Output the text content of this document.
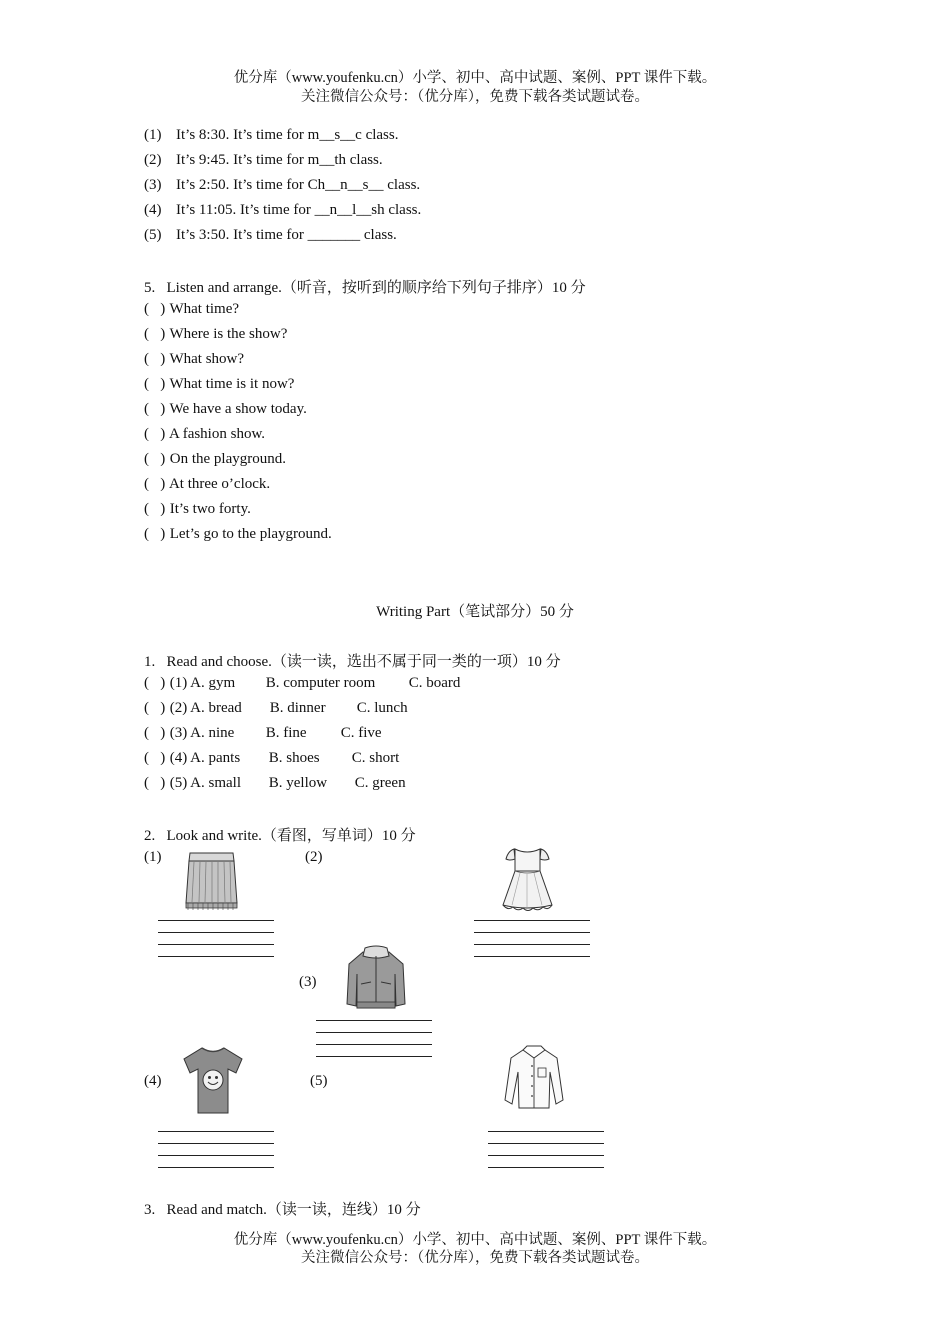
优分库（www.youfenku.cn）小学、初中、高中试题、案例、PPT 课件下载。
关注微信公众号：（优分库），免费下载各类试题试卷。
(1) It’s 8:30. It’s time for m__s__c class.
(2) It’s 9:45. It’s time for m__th class.
(3) It’s 2:50. It’s time for Ch__n__s__ class.
(4) It’s 11:05. It’s time for __n__l__sh class.
(5) It’s 3:50. It’s time for _______ class.
5.   Listen and arrange.（听音，按听到的顺序给下列句子排序）10 分
(   ) What time?
(   ) Where is the show?
(   ) What show?
(   ) What time is it now?
(   ) We have a show today.
(   ) A fashion show.
(   ) On the playground.
(   ) At three o’clock.
(   ) It’s two forty.
(   ) Let’s go to the playground.
Writing Part（笔试部分）50 分
1.   Read and choose.（读一读，选出不属于同一类的一项）10 分
(   ) (1) A. gym B. computer room C. board
(   ) (2) A. bread B. dinner C. lunch
(   ) (3) A. nine B. fine C. five
(   ) (4) A. pants B. shoes C. short
(   ) (5) A. small B. yellow C. green
2.   Look and write.（看图，写单词）10 分
(1)	(2)
(3)
(4)	(5)
3.   Read and match.（读一读，连线）10 分
优分库（www.youfenku.cn）小学、初中、高中试题、案例、PPT 课件下载。
关注微信公众号：（优分库），免费下载各类试题试卷。
